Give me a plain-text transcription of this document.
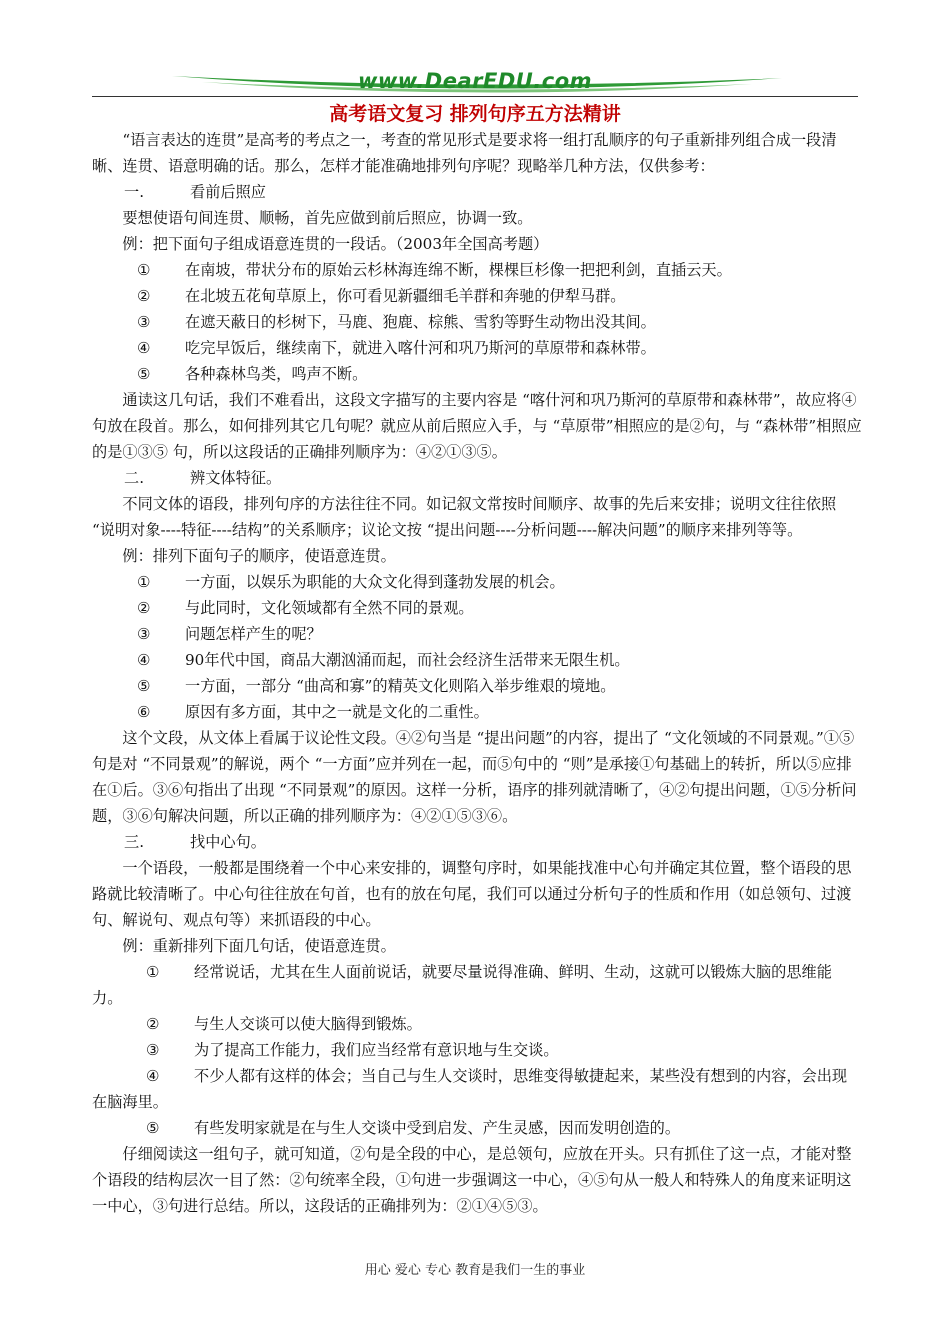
www.DearEDU.com
高考语文复习 排列句序五方法精讲

“语言表达的连贯”是高考的考点之一，考查的常见形式是要求将一组打乱顺序的句子重新排列组合成一段清晰、连贯、语意明确的话。那么，怎样才能准确地排列句序呢？现略举几种方法，仅供参考：

一.	看前后照应

要想使语句间连贯、顺畅，首先应做到前后照应，协调一致。

例：把下面句子组成语意连贯的一段话。（2003年全国高考题）

① 在南坡，带状分布的原始云杉林海连绵不断，棵棵巨杉像一把把利剑，直插云天。

② 在北坡五花甸草原上，你可看见新疆细毛羊群和奔驰的伊犁马群。

③ 在遮天蔽日的杉树下，马鹿、狍鹿、棕熊、雪豹等野生动物出没其间。

④ 吃完早饭后，继续南下，就进入喀什河和巩乃斯河的草原带和森林带。

⑤ 各种森林鸟类，鸣声不断。

通读这几句话，我们不难看出，这段文字描写的主要内容是 “喀什河和巩乃斯河的草原带和森林带”，故应将④句放在段首。那么，如何排列其它几句呢？就应从前后照应入手，与 “草原带”相照应的是②句，与 “森林带”相照应的是①③⑤ 句，所以这段话的正确排列顺序为：④②①③⑤。

二.	辨文体特征。

不同文体的语段，排列句序的方法往往不同。如记叙文常按时间顺序、故事的先后来安排；说明文往往依照 “说明对象----特征----结构”的关系顺序；议论文按 “提出问题----分析问题----解决问题”的顺序来排列等等。

例：排列下面句子的顺序，使语意连贯。

① 一方面，以娱乐为职能的大众文化得到蓬勃发展的机会。

② 与此同时，文化领域都有全然不同的景观。

③ 问题怎样产生的呢？

④ 90年代中国，商品大潮汹涌而起，而社会经济生活带来无限生机。

⑤ 一方面，一部分 “曲高和寡”的精英文化则陷入举步维艰的境地。

⑥ 原因有多方面，其中之一就是文化的二重性。

这个文段，从文体上看属于议论性文段。④②句当是 “提出问题”的内容，提出了 “文化领域的不同景观。”①⑤句是对 “不同景观”的解说，两个 “一方面”应并列在一起，而⑤句中的 “则”是承接①句基础上的转折，所以⑤应排在①后。③⑥句指出了出现 “不同景观”的原因。这样一分析，语序的排列就清晰了，④②句提出问题，①⑤分析问题，③⑥句解决问题，所以正确的排列顺序为：④②①⑤③⑥。

三.	找中心句。

一个语段，一般都是围绕着一个中心来安排的，调整句序时，如果能找准中心句并确定其位置，整个语段的思路就比较清晰了。中心句往往放在句首，也有的放在句尾，我们可以通过分析句子的性质和作用（如总领句、过渡句、解说句、观点句等）来抓语段的中心。

例：重新排列下面几句话，使语意连贯。

① 经常说话，尤其在生人面前说话，就要尽量说得准确、鲜明、生动，这就可以锻炼大脑的思维能力。

② 与生人交谈可以使大脑得到锻炼。

③ 为了提高工作能力，我们应当经常有意识地与生交谈。

④ 不少人都有这样的体会；当自己与生人交谈时，思维变得敏捷起来，某些没有想到的内容，会出现在脑海里。

⑤ 有些发明家就是在与生人交谈中受到启发、产生灵感，因而发明创造的。

仔细阅读这一组句子，就可知道，②句是全段的中心，是总领句，应放在开头。只有抓住了这一点，才能对整个语段的结构层次一目了然：②句统率全段，①句进一步强调这一中心，④⑤句从一般人和特殊人的角度来证明这一中心，③句进行总结。所以，这段话的正确排列为：②①④⑤③。

用心 爱心 专心 教育是我们一生的事业
